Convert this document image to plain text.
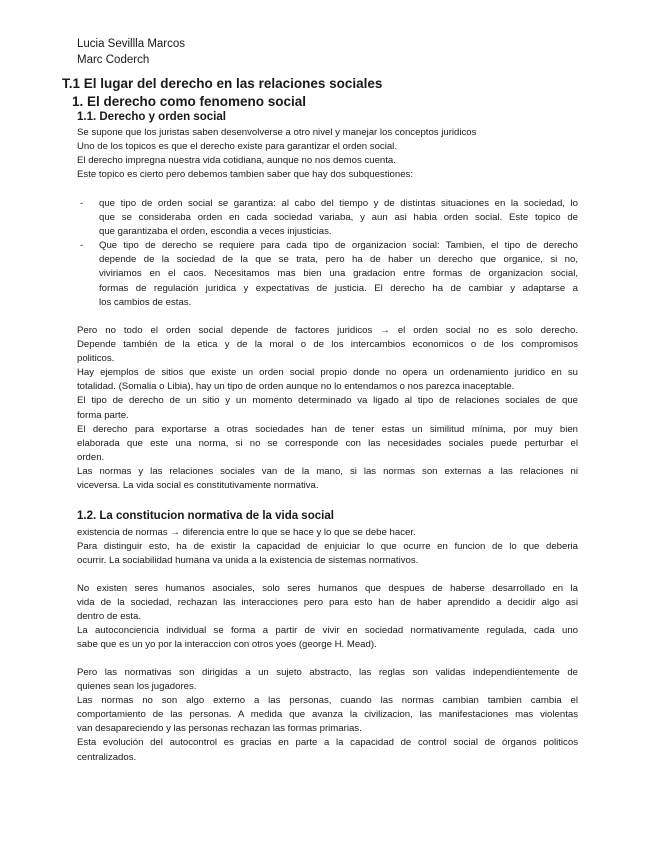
Lucia Sevillla Marcos
Marc Coderch
T.1 El lugar del derecho en las relaciones sociales
1. El derecho como fenomeno social
1.1. Derecho y orden social
Se supone que los juristas saben desenvolverse a otro nivel y manejar los conceptos juridicos
Uno de los topicos es que el derecho existe para garantizar el orden social.
El derecho impregna nuestra vida cotidiana, aunque no nos demos cuenta.
Este topico es cierto pero debemos tambien saber que hay dos subquestiones:
- que tipo de orden social se garantiza: al cabo del tiempo y de distintas situaciones en la sociedad, lo
que se consideraba orden en cada sociedad variaba, y aun asi habia orden social. Este topico de
que garantizaba el orden, escondia a veces injusticias.
- Que tipo de derecho se requiere para cada tipo de organizacion social: Tambien, el tipo de derecho
depende de la sociedad de la que se trata, pero ha de haber un derecho que organice, si no,
viviriamos en el caos. Necesitamos mas bien una gradacion entre formas de organizacion social,
formas de regulación juridica y expectativas de justicia. El derecho ha de cambiar y adaptarse a
los cambios de estas.
Pero no todo el orden social depende de factores juridicos → el orden social no es solo derecho.
Depende también de la etica y de la moral o de los intercambios economicos o de los compromisos
politicos.
Hay ejemplos de sitios que existe un orden social propio donde no opera un ordenamiento juridico en su
totalidad. (Somalia o Libia), hay un tipo de orden aunque no lo entendamos o nos parezca inaceptable.
El tipo de derecho de un sitio y un momento determinado va ligado al tipo de relaciones sociales de que
forma parte.
El derecho para exportarse a otras sociedades han de tener estas un similitud mínima, por muy bien
elaborada que este una norma, si no se corresponde con las necesidades sociales puede perturbar el
orden.
Las normas y las relaciones sociales van de la mano, si las normas son externas a las relaciones ni
viceversa. La vida social es constitutivamente normativa.
1.2. La constitucion normativa de la vida social
existencia de normas → diferencia entre lo que se hace y lo que se debe hacer.
Para distinguir esto, ha de existir la capacidad de enjuiciar lo que ocurre en funcion de lo que deberia
ocurrir. La sociabilidad humana va unida a la existencia de sistemas normativos.
No existen seres humanos asociales, solo seres humanos que despues de haberse desarrollado en la
vida de la sociedad, rechazan las interacciones pero para esto han de haber aprendido a decidir algo asi
dentro de esta.
La autoconciencia individual se forma a partir de vivir en sociedad normativamente regulada, cada uno
sabe que es un yo por la interaccion con otros yoes (george H. Mead).
Pero las normativas son dirigidas a un sujeto abstracto, las reglas son validas independientemente de
quienes sean los jugadores.
Las normas no son algo externo a las personas, cuando las normas cambian tambien cambia el
comportamiento de las personas. A medida que avanza la civilizacion, las manifestaciones mas violentas
van desapareciendo y las personas rechazan las formas primarias.
Esta evolución del autocontrol es gracias en parte a la capacidad de control social de órganos politicos
centralizados.
